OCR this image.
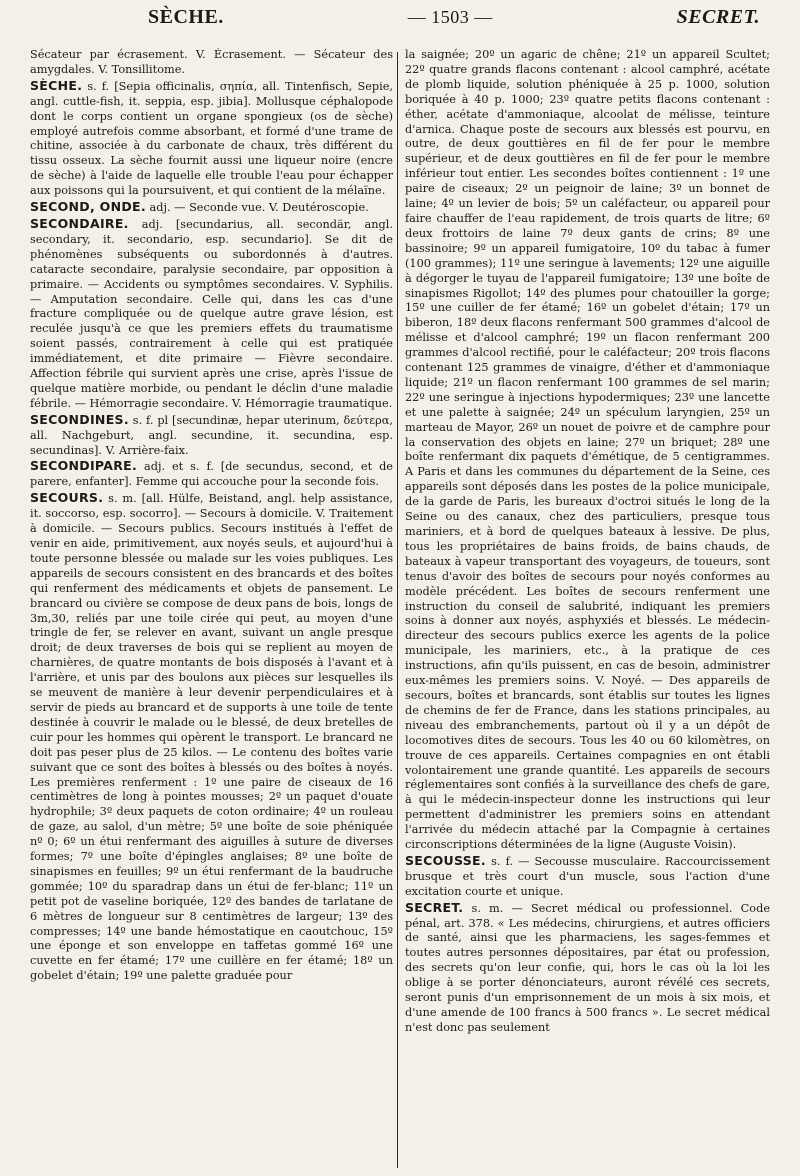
SÈCHE.	— 1503 —	SECRET.

Sécateur par écrasement. V. Écrasement. — Sécateur des amygdales. V. Tonsillitome.

SÈCHE. s. f. [Sepia officinalis, σηπία, all. Tintenfisch, Sepie, angl. cuttle-fish, it. seppia, esp. jibia]. Mollusque céphalopode dont le corps contient un organe spongieux (os de sèche) employé autrefois comme absorbant, et formé d'une trame de chitine, associée à du carbonate de chaux, très différent du tissu osseux. La sèche fournit aussi une liqueur noire (encre de sèche) à l'aide de laquelle elle trouble l'eau pour échapper aux poissons qui la poursuivent, et qui contient de la mélaïne.

SECOND, ONDE. adj. — Seconde vue. V. Deutéroscopie.

SECONDAIRE. adj. [secundarius, all. secondär, angl. secondary, it. secondario, esp. secundario]. Se dit de phénomènes subséquents ou subordonnés à d'autres. cataracte secondaire, paralysie secondaire, par opposition à primaire. — Accidents ou symptômes secondaires. V. Syphilis. — Amputation secondaire. Celle qui, dans les cas d'une fracture compliquée ou de quelque autre grave lésion, est reculée jusqu'à ce que les premiers effets du traumatisme soient passés, contrairement à celle qui est pratiquée immédiatement, et dite primaire — Fièvre secondaire. Affection fébrile qui survient après une crise, après l'issue de quelque matière morbide, ou pendant le déclin d'une maladie fébrile. — Hémorragie secondaire. V. Hémorragie traumatique.

SECONDINES. s. f. pl [secundinæ, hepar uterinum, δεύτερα, all. Nachgeburt, angl. secundine, it. secundina, esp. secundinas]. V. Arrière-faix.

SECONDIPARE. adj. et s. f. [de secundus, second, et de parere, enfanter]. Femme qui accouche pour la seconde fois.

SECOURS. s. m. [all. Hülfe, Beistand, angl. help assistance, it. soccorso, esp. socorro]. — Secours à domicile. V. Traitement à domicile. — Secours publics. Secours institués à l'effet de venir en aide, primitivement, aux noyés seuls, et aujourd'hui à toute personne blessée ou malade sur les voies publiques. Les appareils de secours consistent en des brancards et des boîtes qui renferment des médicaments et objets de pansement. Le brancard ou civière se compose de deux pans de bois, longs de 3m,30, reliés par une toile cirée qui peut, au moyen d'une tringle de fer, se relever en avant, suivant un angle presque droit; de deux traverses de bois qui se replient au moyen de charnières, de quatre montants de bois disposés à l'avant et à l'arrière, et unis par des boulons aux pièces sur lesquelles ils se meuvent de manière à leur devenir perpendiculaires et à servir de pieds au brancard et de supports à une toile de tente destinée à couvrir le malade ou le blessé, de deux bretelles de cuir pour les hommes qui opèrent le transport. Le brancard ne doit pas peser plus de 25 kilos. — Le contenu des boîtes varie suivant que ce sont des boîtes à blessés ou des boîtes à noyés. Les premières renferment : 1º une paire de ciseaux de 16 centimètres de long à pointes mousses; 2º un paquet d'ouate hydrophile; 3º deux paquets de coton ordinaire; 4º un rouleau de gaze, au salol, d'un mètre; 5º une boîte de soie phéniquée nº 0; 6º un étui renfermant des aiguilles à suture de diverses formes; 7º une boîte d'épingles anglaises; 8º une boîte de sinapismes en feuilles; 9º un étui renfermant de la baudruche gommée; 10º du sparadrap dans un étui de fer-blanc; 11º un petit pot de vaseline boriquée, 12º des bandes de tarlatane de 6 mètres de longueur sur 8 centimètres de largeur; 13º des compresses; 14º une bande hémostatique en caoutchouc, 15º une éponge et son enveloppe en taffetas gommé 16º une cuvette en fer étamé; 17º une cuillère en fer étamé; 18º un gobelet d'étain; 19º une palette graduée pour

la saignée; 20º un agaric de chêne; 21º un appareil Scultet; 22º quatre grands flacons contenant : alcool camphré, acétate de plomb liquide, solution phéniquée à 25 p. 1000, solution boriquée à 40 p. 1000; 23º quatre petits flacons contenant : éther, acétate d'ammoniaque, alcoolat de mélisse, teinture d'arnica. Chaque poste de secours aux blessés est pourvu, en outre, de deux gouttières en fil de fer pour le membre supérieur, et de deux gouttières en fil de fer pour le membre inférieur tout entier. Les secondes boîtes contiennent : 1º une paire de ciseaux; 2º un peignoir de laine; 3º un bonnet de laine; 4º un levier de bois; 5º un caléfacteur, ou appareil pour faire chauffer de l'eau rapidement, de trois quarts de litre; 6º deux frottoirs de laine 7º deux gants de crins; 8º une bassinoire; 9º un appareil fumigatoire, 10º du tabac à fumer (100 grammes); 11º une seringue à lavements; 12º une aiguille à dégorger le tuyau de l'appareil fumigatoire; 13º une boîte de sinapismes Rigollot; 14º des plumes pour chatouiller la gorge; 15º une cuiller de fer étamé; 16º un gobelet d'étain; 17º un biberon, 18º deux flacons renfermant 500 grammes d'alcool de mélisse et d'alcool camphré; 19º un flacon renfermant 200 grammes d'alcool rectifié, pour le caléfacteur; 20º trois flacons contenant 125 grammes de vinaigre, d'éther et d'ammoniaque liquide; 21º un flacon renfermant 100 grammes de sel marin; 22º une seringue à injections hypodermiques; 23º une lancette et une palette à saignée; 24º un spéculum laryngien, 25º un marteau de Mayor, 26º un nouet de poivre et de camphre pour la conservation des objets en laine; 27º un briquet; 28º une boîte renfermant dix paquets d'émétique, de 5 centigrammes. A Paris et dans les communes du département de la Seine, ces appareils sont déposés dans les postes de la police municipale, de la garde de Paris, les bureaux d'octroi situés le long de la Seine ou des canaux, chez des particuliers, presque tous mariniers, et à bord de quelques bateaux à lessive. De plus, tous les propriétaires de bains froids, de bains chauds, de bateaux à vapeur transportant des voyageurs, de toueurs, sont tenus d'avoir des boîtes de secours pour noyés conformes au modèle précédent. Les boîtes de secours renferment une instruction du conseil de salubrité, indiquant les premiers soins à donner aux noyés, asphyxiés et blessés. Le médecin-directeur des secours publics exerce les agents de la police municipale, les mariniers, etc., à la pratique de ces instructions, afin qu'ils puissent, en cas de besoin, administrer eux-mêmes les premiers soins. V. Noyé. — Des appareils de secours, boîtes et brancards, sont établis sur toutes les lignes de chemins de fer de France, dans les stations principales, au niveau des embranchements, partout où il y a un dépôt de locomotives dites de secours. Tous les 40 ou 60 kilomètres, on trouve de ces appareils. Certaines compagnies en ont établi volontairement une grande quantité. Les appareils de secours réglementaires sont confiés à la surveillance des chefs de gare, à qui le médecin-inspecteur donne les instructions qui leur permettent d'administrer les premiers soins en attendant l'arrivée du médecin attaché par la Compagnie à certaines circonscriptions déterminées de la ligne (Auguste Voisin).

SECOUSSE. s. f. — Secousse musculaire. Raccourcissement brusque et très court d'un muscle, sous l'action d'une excitation courte et unique.

SECRET. s. m. — Secret médical ou professionnel. Code pénal, art. 378. « Les médecins, chirurgiens, et autres officiers de santé, ainsi que les pharmaciens, les sages-femmes et toutes autres personnes dépositaires, par état ou profession, des secrets qu'on leur confie, qui, hors le cas où la loi les oblige à se porter dénonciateurs, auront révélé ces secrets, seront punis d'un emprisonnement de un mois à six mois, et d'une amende de 100 francs à 500 francs ». Le secret médical n'est donc pas seulement
